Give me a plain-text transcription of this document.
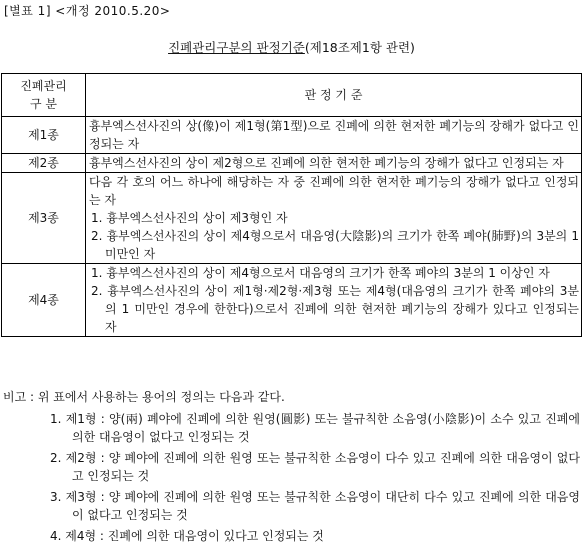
[별표 1] <개정 2010.5.20>
진폐관리구분의 판정기준(제18조제1항 관련)
진폐관리
구 분	판 정 기 준
제1종	흉부엑스선사진의 상(像)이 제1형(第1型)으로 진폐에 의한 현저한 폐기능의 장해가 없다고 인정되는 자

제2종	흉부엑스선사진의 상이 제2형으로 진폐에 의한 현저한 폐기능의 장해가 없다고 인정되는 자

제3종	다음 각 호의 어느 하나에 해당하는 자 중 진폐에 의한 현저한 폐기능의 장해가 없다고 인정되는 자
1. 흉부엑스선사진의 상이 제3형인 자
2. 흉부엑스선사진의 상이 제4형으로서 대음영(大陰影)의 크기가 한쪽 폐야(肺野)의 3분의 1 미만인 자

제4종	1. 흉부엑스선사진의 상이 제4형으로서 대음영의 크기가 한쪽 폐야의 3분의 1 이상인 자
2. 흉부엑스선사진의 상이 제1형·제2형·제3형 또는 제4형(대음영의 크기가 한쪽 폐야의 3분의 1 미만인 경우에 한한다)으로서 진폐에 의한 현저한 폐기능의 장해가 있다고 인정되는 자
비고 : 위 표에서 사용하는 용어의 정의는 다음과 같다.
1. 제1형 : 양(兩) 폐야에 진폐에 의한 원영(圓影) 또는 불규칙한 소음영(小陰影)이 소수 있고 진폐에 의한 대음영이 없다고 인정되는 것
2. 제2형 : 양 폐야에 진폐에 의한 원영 또는 불규칙한 소음영이 다수 있고 진폐에 의한 대음영이 없다고 인정되는 것
3. 제3형 : 양 폐야에 진폐에 의한 원영 또는 불규칙한 소음영이 대단히 다수 있고 진폐에 의한 대음영이 없다고 인정되는 것
4. 제4형 : 진폐에 의한 대음영이 있다고 인정되는 것
